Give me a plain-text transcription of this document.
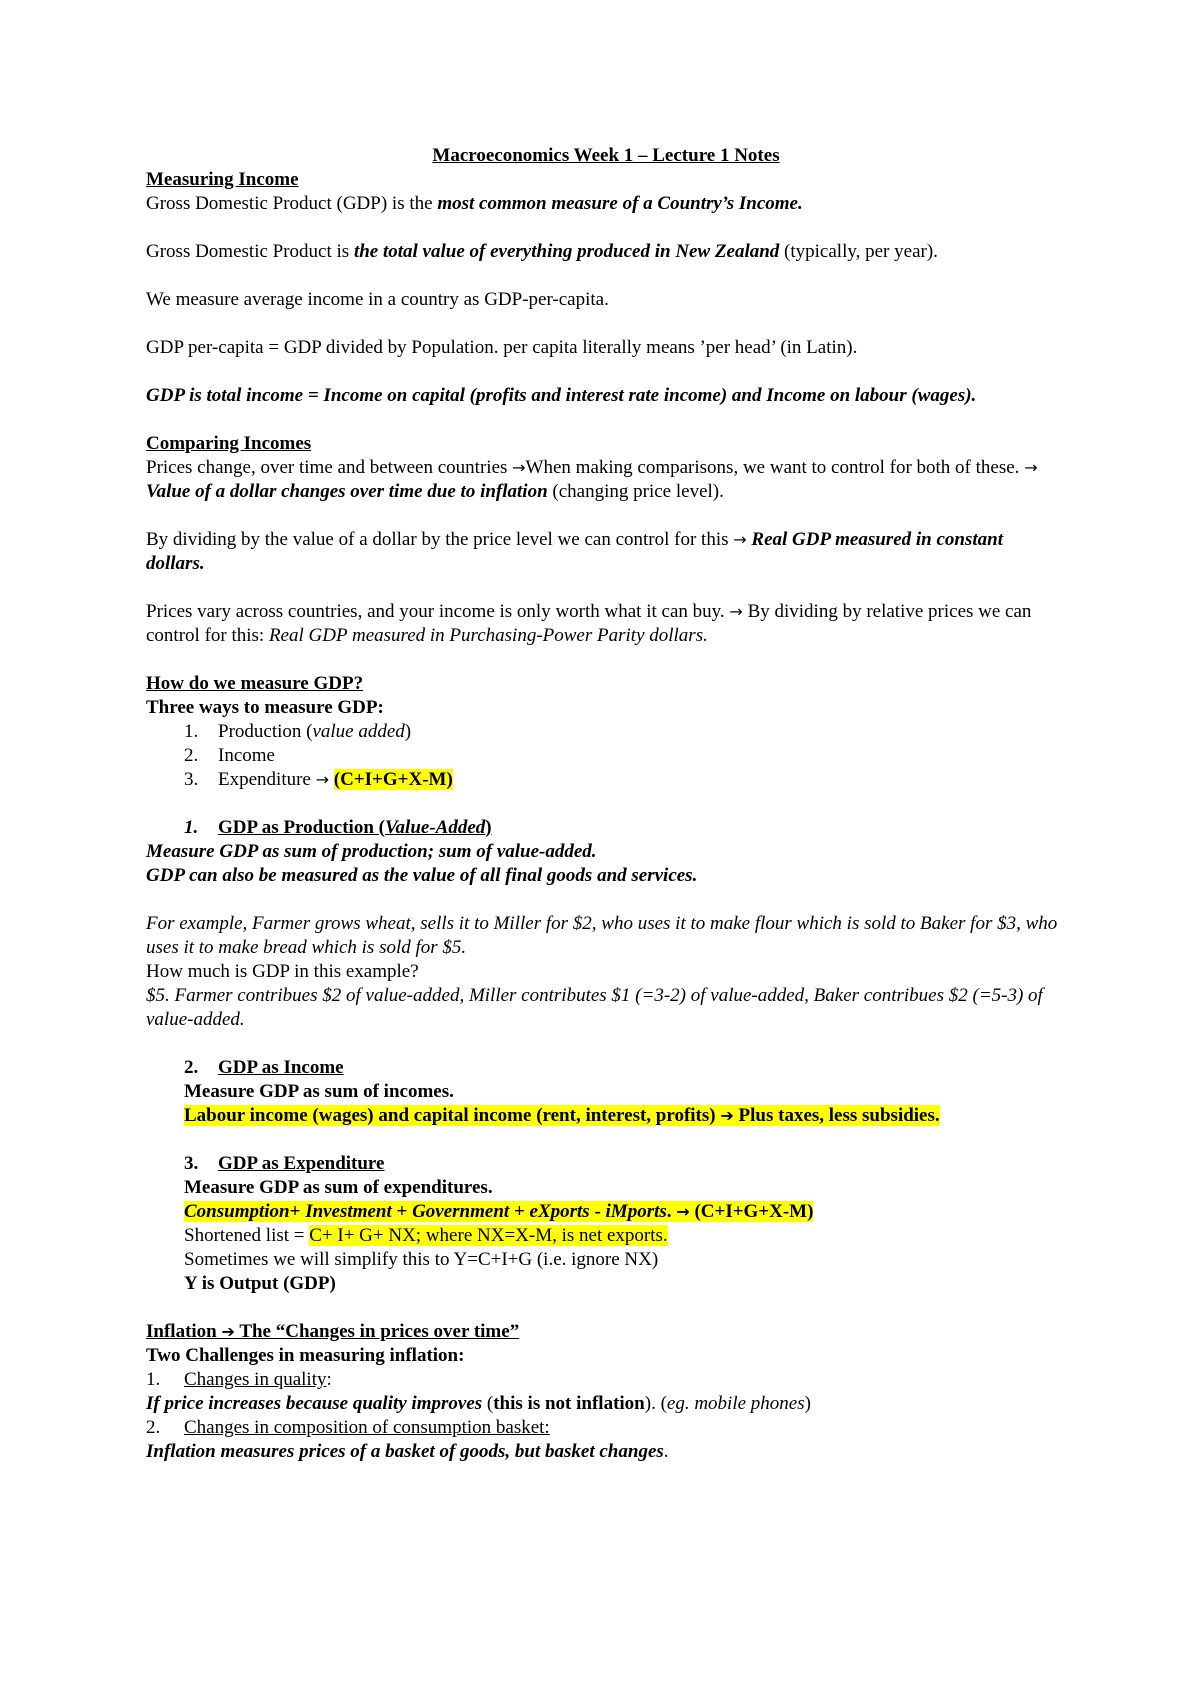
Macroeconomics Week 1 – Lecture 1 Notes

Measuring Income

Gross Domestic Product (GDP) is the most common measure of a Country’s Income.

Gross Domestic Product is the total value of everything produced in New Zealand (typically, per year).

We measure average income in a country as GDP-per-capita.

GDP per-capita = GDP divided by Population. per capita literally means ’per head’ (in Latin).

GDP is total income = Income on capital (profits and interest rate income) and Income on labour (wages).

Comparing Incomes

Prices change, over time and between countries →When making comparisons, we want to control for both of these. → Value of a dollar changes over time due to inflation (changing price level).

By dividing by the value of a dollar by the price level we can control for this → Real GDP measured in constant dollars.

Prices vary across countries, and your income is only worth what it can buy. → By dividing by relative prices we can control for this: Real GDP measured in Purchasing-Power Parity dollars.

How do we measure GDP?

Three ways to measure GDP:

1. Production (value added)
2. Income
3. Expenditure → (C+I+G+X-M)

1. GDP as Production (Value-Added)

Measure GDP as sum of production; sum of value-added.

GDP can also be measured as the value of all final goods and services.

For example, Farmer grows wheat, sells it to Miller for $2, who uses it to make flour which is sold to Baker for $3, who uses it to make bread which is sold for $5.

How much is GDP in this example?

$5. Farmer contribues $2 of value-added, Miller contributes $1 (=3-2) of value-added, Baker contribues $2 (=5-3) of value-added.

2. GDP as Income

Measure GDP as sum of incomes.

Labour income (wages) and capital income (rent, interest, profits) ➔ Plus taxes, less subsidies.

3. GDP as Expenditure

Measure GDP as sum of expenditures.

Consumption+ Investment + Government + eXports - iMports. → (C+I+G+X-M)

Shortened list = C+ I+ G+ NX; where NX=X-M, is net exports.

Sometimes we will simplify this to Y=C+I+G (i.e. ignore NX)

Y is Output (GDP)

Inflation ➔ The “Changes in prices over time”

Two Challenges in measuring inflation:

1. Changes in quality:

If price increases because quality improves (this is not inflation). (eg. mobile phones)

2. Changes in composition of consumption basket:

Inflation measures prices of a basket of goods, but basket changes.
